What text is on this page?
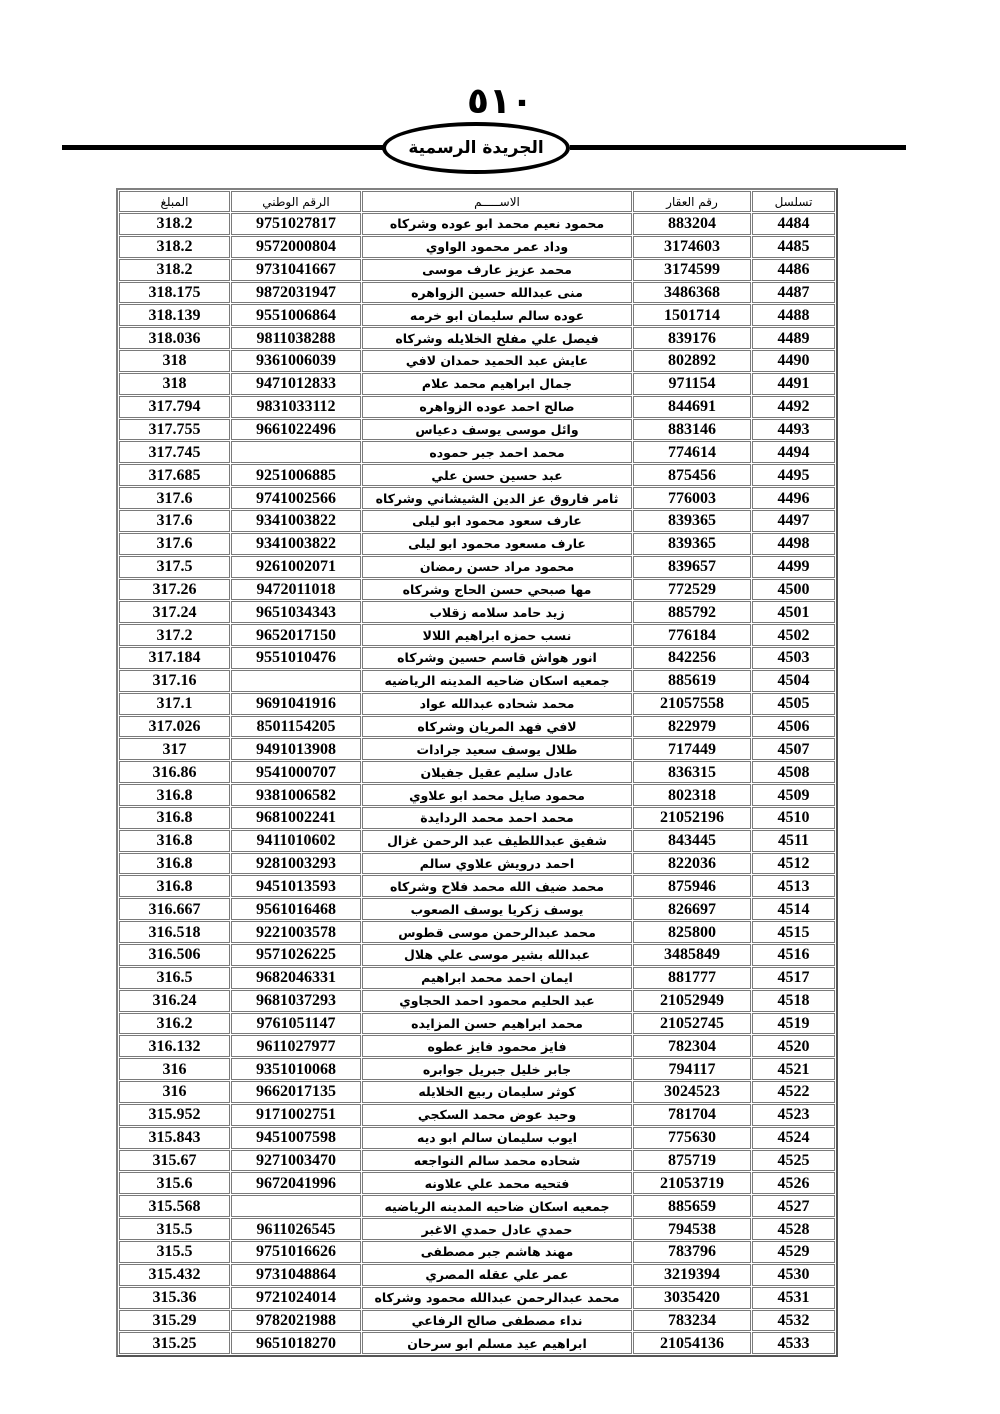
٥١٠
الجريدة الرسمية
تسلسل	رقم العقار	الاســـــم	الرقم الوطني	المبلغ
4484	883204	محمود نعيم محمد ابو عوده وشركاه	9751027817	318.2
4485	3174603	وداد عمر محمود الواوي	9572000804	318.2
4486	3174599	محمد عزيز عارف موسى	9731041667	318.2
4487	3486368	منى عبدالله حسين الزواهره	9872031947	318.175
4488	1501714	عوده سالم سليمان ابو خرمه	9551006864	318.139
4489	839176	فيصل علي مفلح الخلايله وشركاه	9811038288	318.036
4490	802892	عايش عبد الحميد حمدان لافي	9361006039	318
4491	971154	جمال ابراهيم محمد علام	9471012833	318
4492	844691	صالح احمد عوده الزواهره	9831033112	317.794
4493	883146	وائل موسى يوسف دعياس	9661022496	317.755
4494	774614	محمد احمد جبر حموده		317.745
4495	875456	عبد حسين حسن علي	9251006885	317.685
4496	776003	ثامر فاروق عز الدين الشيشاني وشركاه	9741002566	317.6
4497	839365	عارف سعود محمود ابو ليلى	9341003822	317.6
4498	839365	عارف مسعود محمود ابو ليلى	9341003822	317.6
4499	839657	محمود مراد حسن رمضان	9261002071	317.5
4500	772529	مها صبحي حسن الحاج وشركاه	9472011018	317.26
4501	885792	زيد حامد سلامه زقلاب	9651034343	317.24
4502	776184	نسب حمزه ابراهيم اللالا	9652017150	317.2
4503	842256	انور هواش قاسم حسين وشركاه	9551010476	317.184
4504	885619	جمعيه اسكان ضاحيه المدينه الرياضيه		317.16
4505	21057558	محمد شحاده عبدالله عواد	9691041916	317.1
4506	822979	لافي فهد المريان وشركاه	8501154205	317.026
4507	717449	طلال يوسف سعيد جرادات	9491013908	317
4508	836315	عادل سليم عقيل جفيلان	9541000707	316.86
4509	802318	محمود صايل محمد ابو علاوي	9381006582	316.8
4510	21052196	محمد احمد محمد الردايدة	9681002241	316.8
4511	843445	شفيق عبداللطيف عبد الرحمن غزال	9411010602	316.8
4512	822036	احمد درويش علاوي سالم	9281003293	316.8
4513	875946	محمد ضيف الله محمد فلاح وشركاه	9451013593	316.8
4514	826697	يوسف زكريا يوسف الصعوب	9561016468	316.667
4515	825800	محمد عبدالرحمن موسى قطوس	9221003578	316.518
4516	3485849	عبدالله بشير موسى علي هلال	9571026225	316.506
4517	881777	ايمان احمد محمد ابراهيم	9682046331	316.5
4518	21052949	عبد الحليم محمود احمد الحجاوي	9681037293	316.24
4519	21052745	محمد ابراهيم حسن المزايده	9761051147	316.2
4520	782304	فايز محمود فايز عطوه	9611027977	316.132
4521	794117	جابر خليل جبريل جوابره	9351010068	316
4522	3024523	كوثر سليمان ربيع الخلايله	9662017135	316
4523	781704	وحيد عوض محمد السكجي	9171002751	315.952
4524	775630	ايوب سليمان سالم ابو ديه	9451007598	315.843
4525	875719	شحاده محمد سالم النواجعه	9271003470	315.67
4526	21053719	فتحيه محمد علي علاونه	9672041996	315.6
4527	885659	جمعيه اسكان ضاحيه المدينه الرياضيه		315.568
4528	794538	حمدي عادل حمدي الاغبر	9611026545	315.5
4529	783796	مهند هاشم جبر مصطفى	9751016626	315.5
4530	3219394	عمر علي عقله المصري	9731048864	315.432
4531	3035420	محمد عبدالرحمن عبدالله محمود وشركاه	9721024014	315.36
4532	783234	نداء مصطفى صالح الرفاعي	9782021988	315.29
4533	21054136	ابراهيم عيد مسلم ابو سرحان	9651018270	315.25
